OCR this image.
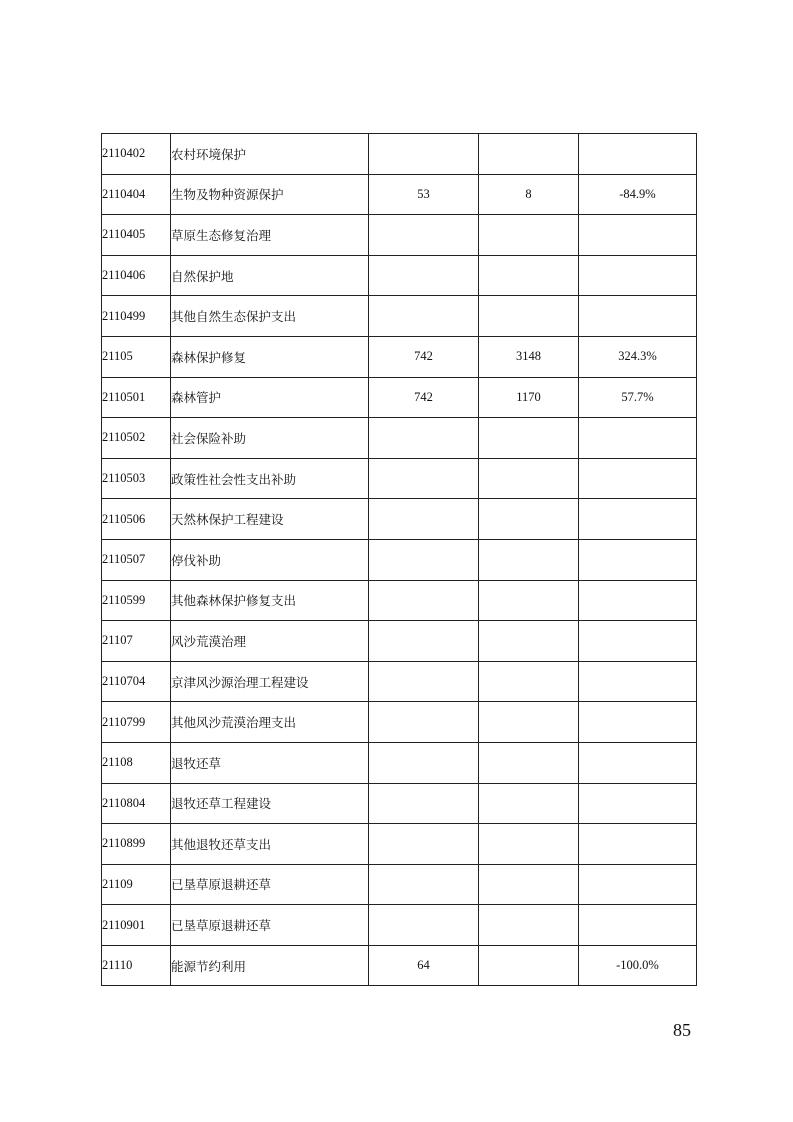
2110402	农村环境保护			
2110404	生物及物种资源保护	53	8	-84.9%
2110405	草原生态修复治理			
2110406	自然保护地			
2110499	其他自然生态保护支出			
21105	森林保护修复	742	3148	324.3%
2110501	森林管护	742	1170	57.7%
2110502	社会保险补助			
2110503	政策性社会性支出补助			
2110506	天然林保护工程建设			
2110507	停伐补助			
2110599	其他森林保护修复支出			
21107	风沙荒漠治理			
2110704	京津风沙源治理工程建设			
2110799	其他风沙荒漠治理支出			
21108	退牧还草			
2110804	退牧还草工程建设			
2110899	其他退牧还草支出			
21109	已垦草原退耕还草			
2110901	已垦草原退耕还草			
21110	能源节约利用	64		-100.0%
85
